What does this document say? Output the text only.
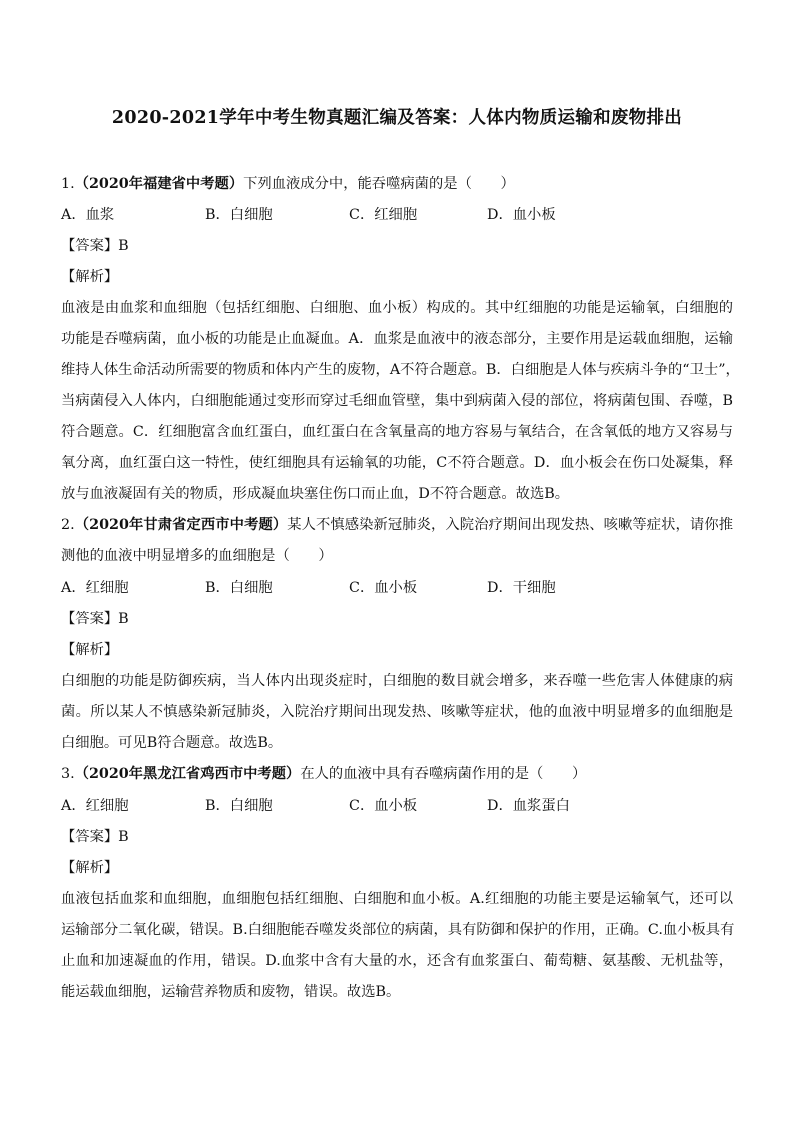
2020-2021学年中考生物真题汇编及答案：人体内物质运输和废物排出
1.（2020年福建省中考题）下列血液成分中，能吞噬病菌的是（　　）
A．血浆	B．白细胞	C．红细胞	D．血小板
【答案】B
【解析】
血液是由血浆和血细胞（包括红细胞、白细胞、血小板）构成的。其中红细胞的功能是运输氧，白细胞的
功能是吞噬病菌，血小板的功能是止血凝血。A．血浆是血液中的液态部分，主要作用是运载血细胞，运输
维持人体生命活动所需要的物质和体内产生的废物，A不符合题意。B．白细胞是人体与疾病斗争的“卫士”，
当病菌侵入人体内，白细胞能通过变形而穿过毛细血管壁，集中到病菌入侵的部位，将病菌包围、吞噬，B
符合题意。C．红细胞富含血红蛋白，血红蛋白在含氧量高的地方容易与氧结合，在含氧低的地方又容易与
氧分离，血红蛋白这一特性，使红细胞具有运输氧的功能，C不符合题意。D．血小板会在伤口处凝集，释
放与血液凝固有关的物质，形成凝血块塞住伤口而止血，D不符合题意。故选B。
2.（2020年甘肃省定西市中考题）某人不慎感染新冠肺炎，入院治疗期间出现发热、咳嗽等症状，请你推
测他的血液中明显增多的血细胞是（　　）
A．红细胞	B．白细胞	C．血小板	D．干细胞
【答案】B
【解析】
白细胞的功能是防御疾病，当人体内出现炎症时，白细胞的数目就会增多，来吞噬一些危害人体健康的病
菌。所以某人不慎感染新冠肺炎，入院治疗期间出现发热、咳嗽等症状，他的血液中明显增多的血细胞是
白细胞。可见B符合题意。故选B。
3.（2020年黑龙江省鸡西市中考题）在人的血液中具有吞噬病菌作用的是（　　）
A．红细胞	B．白细胞	C．血小板	D．血浆蛋白
【答案】B
【解析】
血液包括血浆和血细胞，血细胞包括红细胞、白细胞和血小板。A.红细胞的功能主要是运输氧气，还可以
运输部分二氧化碳，错误。B.白细胞能吞噬发炎部位的病菌，具有防御和保护的作用，正确。C.血小板具有
止血和加速凝血的作用，错误。D.血浆中含有大量的水，还含有血浆蛋白、葡萄糖、氨基酸、无机盐等，
能运载血细胞，运输营养物质和废物，错误。故选B。
